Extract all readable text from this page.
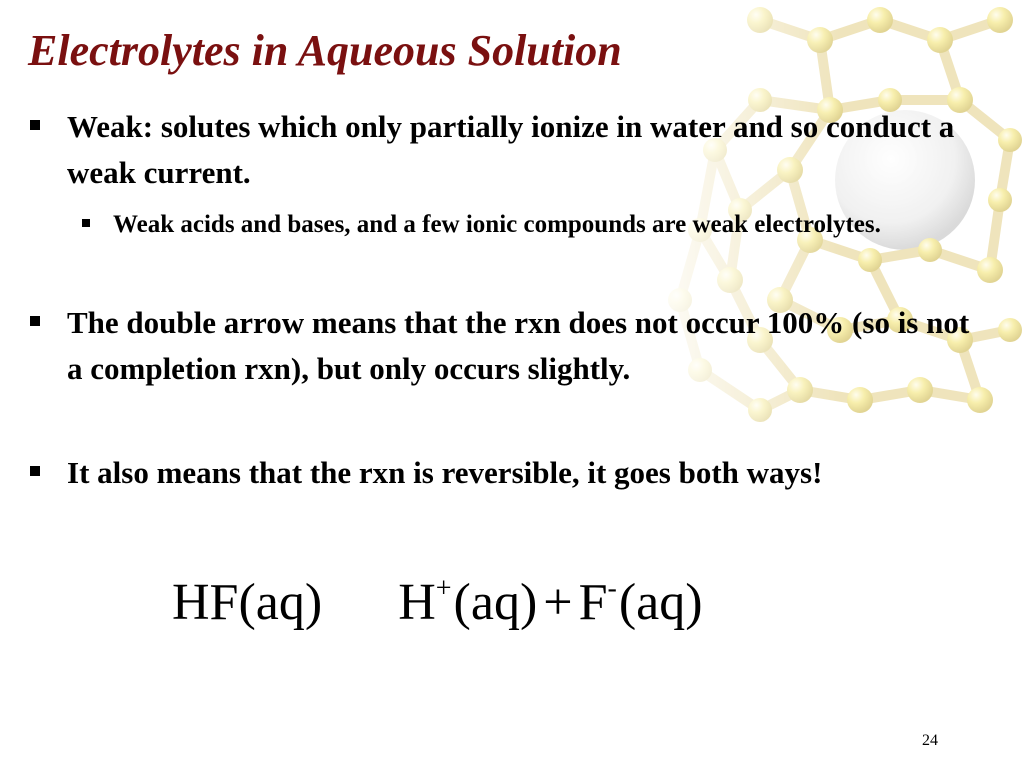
Electrolytes in Aqueous Solution
Weak: solutes which only partially ionize in water and so conduct a weak current.
Weak acids and bases, and a few ionic compounds are weak electrolytes.
The double arrow means that the rxn does not occur 100% (so is not a completion rxn), but only occurs slightly.
It also means that the rxn is reversible, it goes both ways!
HF(aq) H+(aq) + F-(aq)
24
